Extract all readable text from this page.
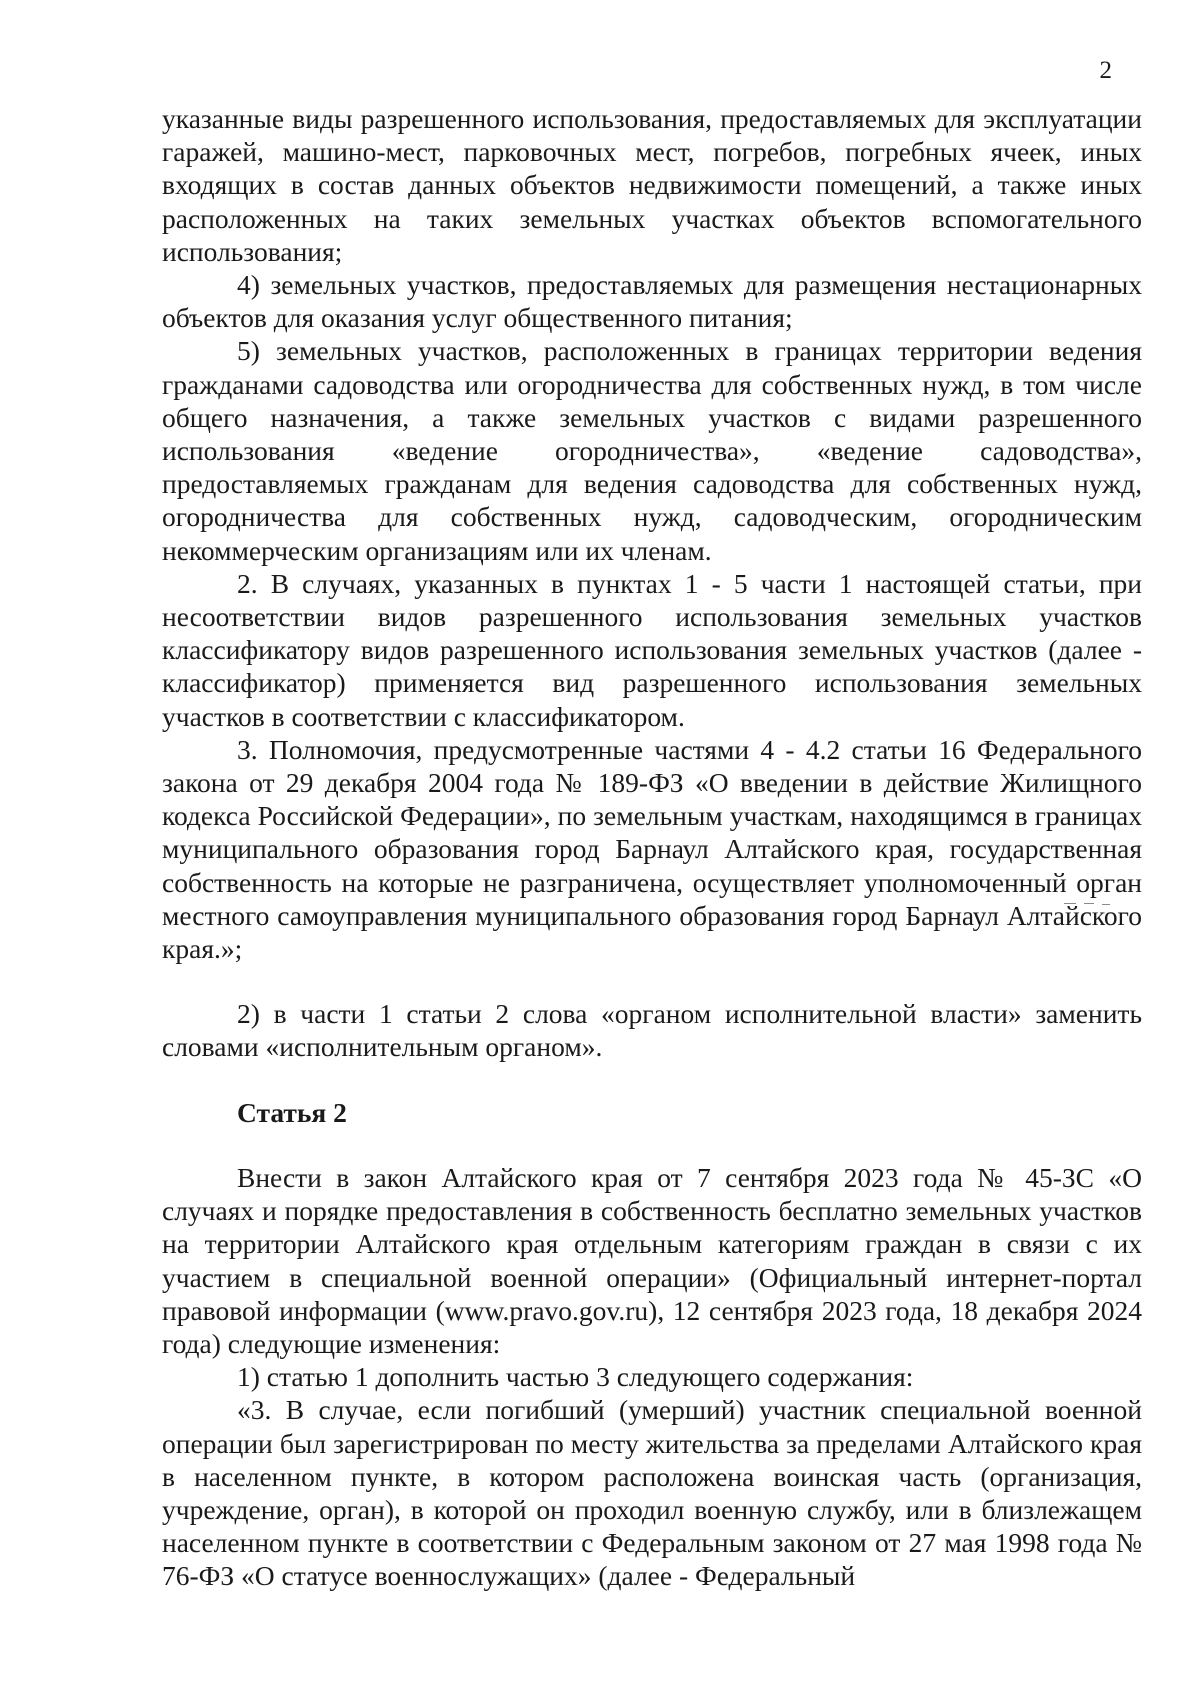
2

указанные виды разрешенного использования, предоставляемых для эксплуатации гаражей, машино-мест, парковочных мест, погребов, погребных ячеек, иных входящих в состав данных объектов недвижимости помещений, а также иных расположенных на таких земельных участках объектов вспомогательного использования;

4) земельных участков, предоставляемых для размещения нестационарных объектов для оказания услуг общественного питания;

5) земельных участков, расположенных в границах территории ведения гражданами садоводства или огородничества для собственных нужд, в том числе общего назначения, а также земельных участков с видами разрешенного использования «ведение огородничества», «ведение садоводства», предоставляемых гражданам для ведения садоводства для собственных нужд, огородничества для собственных нужд, садоводческим, огородническим некоммерческим организациям или их членам.

2. В случаях, указанных в пунктах 1 - 5 части 1 настоящей статьи, при несоответствии видов разрешенного использования земельных участков классификатору видов разрешенного использования земельных участков (далее - классификатор) применяется вид разрешенного использования земельных участков в соответствии с классификатором.

3. Полномочия, предусмотренные частями 4 - 4.2 статьи 16 Федерального закона от 29 декабря 2004 года № 189-ФЗ «О введении в действие Жилищного кодекса Российской Федерации», по земельным участкам, находящимся в границах муниципального образования город Барнаул Алтайского края, государственная собственность на которые не разграничена, осуществляет уполномоченный орган местного самоуправления муниципального образования город Барнаул Алтайского края.»;

2) в части 1 статьи 2 слова «органом исполнительной власти» заменить словами «исполнительным органом».

Статья 2

Внести в закон Алтайского края от 7 сентября 2023 года № 45-ЗС «О случаях и порядке предоставления в собственность бесплатно земельных участков на территории Алтайского края отдельным категориям граждан в связи с их участием в специальной военной операции» (Официальный интернет-портал правовой информации (www.pravo.gov.ru), 12 сентября 2023 года, 18 декабря 2024 года) следующие изменения:

1) статью 1 дополнить частью 3 следующего содержания:

«3. В случае, если погибший (умерший) участник специальной военной операции был зарегистрирован по месту жительства за пределами Алтайского края в населенном пункте, в котором расположена воинская часть (организация, учреждение, орган), в которой он проходил военную службу, или в близлежащем населенном пункте в соответствии с Федеральным законом от 27 мая 1998 года № 76-ФЗ «О статусе военнослужащих» (далее - Федеральный
